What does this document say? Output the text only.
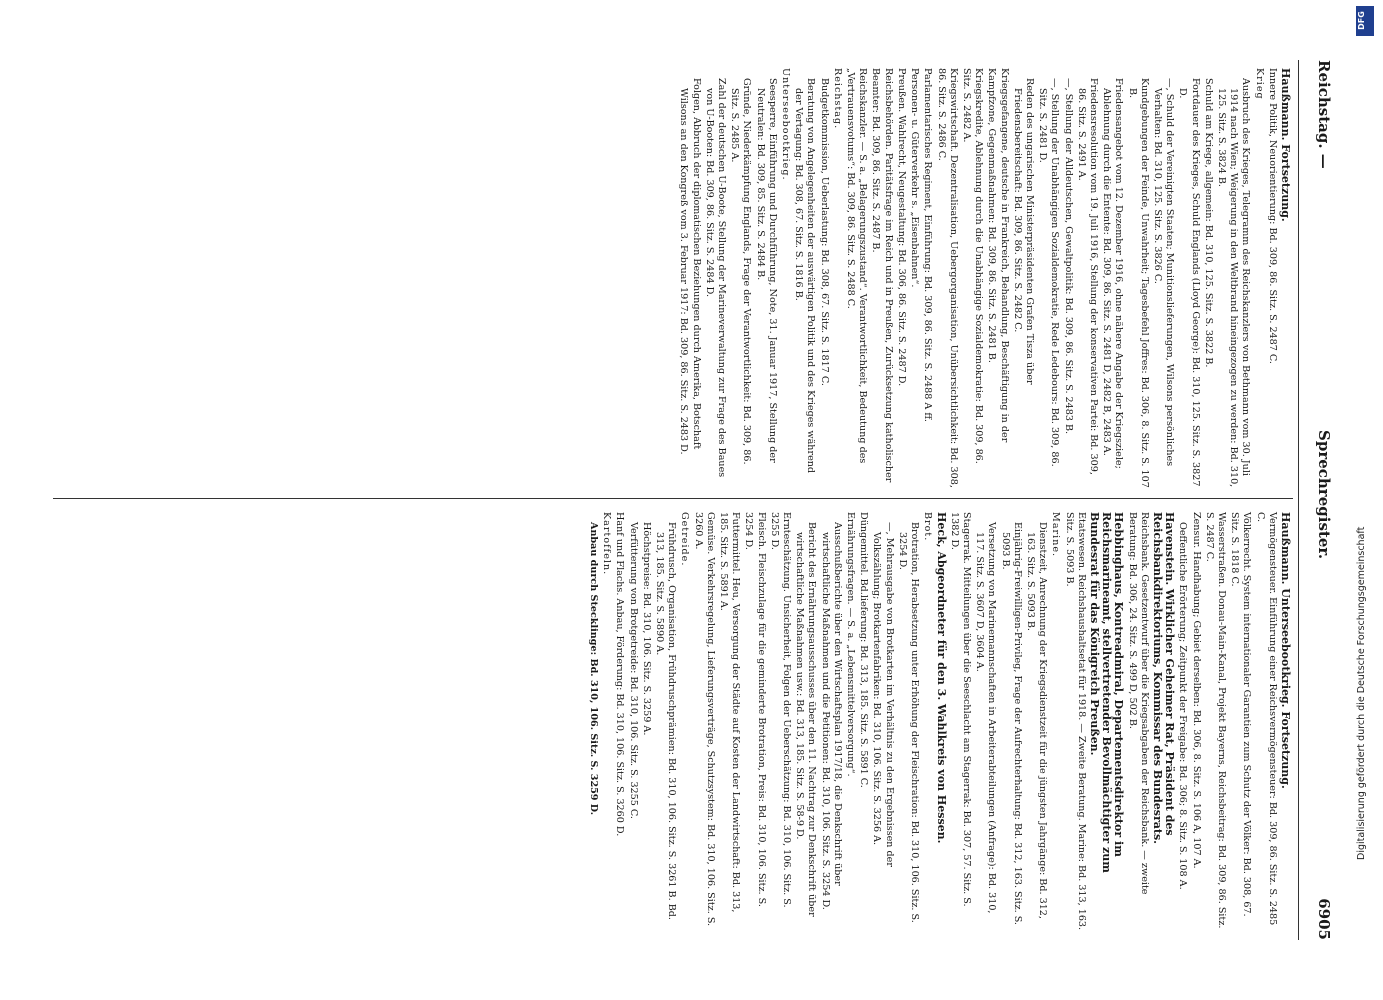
Reichstag. —
Sprechregister.
6905
Haußmann. Fortsetzung.
Innere Politik, Neuorientierung: Bd. 309, 86. Sitz. S. 2487 C.
Krieg
Ausbruch des Krieges, Telegramm des Reichskanzlers von Bethmann vom 30. Juli 1914 nach Wien; Weigerung in den Weltbrand hineingezogen zu werden: Bd. 310, 125. Sitz. S. 3824 B.
Schuld am Kriege, allgemein: Bd. 310, 125. Sitz. S. 3822 B.
Fortdauer des Krieges, Schuld Englands (Lloyd George): Bd. 310, 125. Sitz. S. 3827 D.
—, Schuld der Vereinigten Staaten; Munitionslieferungen, Wilsons persönliches Verhalten: Bd. 310, 125. Sitz. S. 3826 C.
Kundgebungen der Feinde, Unwahrheit; Tagesbefehl Joffres: Bd. 306, 8. Sitz. S. 107 B.
Friedensangebot vom 12. Dezember 1916, ohne nähere Angabe der Kriegsziele; Ablehnung durch die Entente: Bd. 309, 86. Sitz. S. 2481 D, 2482 B, 2483 A.
Friedensresolution vom 19. Juli 1916, Stellung der konservativen Partei: Bd. 309, 86. Sitz. S. 2491 A.
—, Stellung der Alldeutschen, Gewaltpolitik: Bd. 309, 86. Sitz. S. 2483 B.
—, Stellung der Unabhängigen Sozialdemokratie, Rede Ledebours: Bd. 309, 86. Sitz. S. 2481 D.
Reden des ungarischen Ministerpräsidenten Grafen Tisza über Friedensbereitschaft: Bd. 309, 86. Sitz. S. 2482 C.
Kriegsgefangene, deutsche in Frankreich, Behandlung, Beschäftigung in der Kampfzone, Gegenmaßnahmen: Bd. 309, 86. Sitz. S. 2481 B.
Kriegskredite, Ablehnung durch die Unabhängige Sozialdemokratie: Bd. 309, 86. Sitz. S. 2482 A.
Kriegswirtschaft. Dezentralisation, Uebergorganisation, Unübersichtlichkeit: Bd. 308, 86. Sitz. S. 2486 C.
Parlamentarisches Regiment, Einführung: Bd. 309, 86. Sitz. S. 2488 A ff.
Personen- u. Güterverkehr s. „Eisenbahnen“.
Preußen. Wahlrecht, Neugestaltung: Bd. 306, 86. Sitz. S. 2487 D.
Reichsbehörden. Paritätsfrage im Reich und in Preußen, Zurücksetzung katholischer Beamter: Bd. 309, 86. Sitz. S. 2487 B.
Reichskanzler. — S. a. „Belagerungszustand“. Verantwortlichkeit, Bedeutung des „Vertrauensvotums“: Bd. 309, 86. Sitz. S. 2488 C.
Reichstag.
Budgetkommission, Ueberlastung: Bd. 308, 67. Sitz. S. 1817 C.
Beratung von Angelegenheiten der auswärtigen Politik und des Krieges während der Vertagung: Bd. 308, 67. Sitz. S. 1816 B.
Unterseebootkrieg.
Seesperre, Einführung und Durchführung, Note, 31. Januar 1917, Stellung der Neutralen: Bd. 309, 85. Sitz. S. 2484 B.
Gründe, Niederkämpfung Englands, Frage der Verantwortlichkeit: Bd. 309, 86. Sitz. S. 2485 A.
Zahl der deutschen U-Boote, Stellung der Marineverwaltung zur Frage des Baues von U-Booten: Bd. 309, 86. Sitz. S. 2484 D.
Folgen, Abbruch der diplomatischen Beziehungen durch Amerika, Botschaft Wilsons an den Kongreß vom 3. Februar 1917: Bd. 309, 86. Sitz. S. 2483 D.
Haußmann. Unterseebootkrieg. Fortsetzung.
Vermögensteuer. Einführung einer Reichsvermögensteuer: Bd. 309, 86. Sitz. S. 2485 C.
Völkerrecht. System internationaler Garantien zum Schutz der Völker: Bd. 308, 67. Sitz. S. 1818 C.
Wasserstraßen. Donau-Main-Kanal, Projekt Bayerns, Reichsbeitrag: Bd. 309, 86. Sitz. S. 2487 C.
Zensur. Handhabung; Gebiet derselben: Bd. 306, 8. Sitz. S. 106 A, 107 A.
Oeffentliche Erörterung; Zeitpunkt der Freigabe: Bd. 306; 8. Sitz. S. 108 A.
Havenstein. Wirklicher Geheimer Rat, Präsident des Reichsbankdirektoriums, Kommissar des Bundesrats.
Reichsbank. Gesetzentwurf über die Kriegsabgaben der Reichsbank. — zweite Beratung: Bd. 306, 24. Sitz. S. 499 D, 502 B.
Hebbinghaus, Kontreadmiral, Departementsdirektor im Reichsmarineamt, stellvertretender Bevollmächtigter zum Bundesrat für das Königreich Preußen.
Etatswesen. Reichshaushaltsetat für 1918. — Zweite Beratung. Marine: Bd. 313, 163. Sitz. S. 5093 B.
Marine.
Dienstzeit, Anrechnung der Kriegsdienstzeit für die jüngsten Jahrgänge: Bd. 312, 163. Sitz. S. 5093 B.
Einjährig-Freiwilligen-Privileg, Frage der Aufrechterhaltung: Bd. 312, 163. Sitz. S. 5093 B.
Versetzung von Marinemannschaften in Arbeiterabteilungen (Anfrage): Bd. 310, 117. Sitz. S. 3607 D, 3604 A.
Stagerrak. Mitteilungen über die Seeschlacht am Stagerrak: Bd. 307, 57. Sitz. S. 1382 D.
Heck, Abgeordneter für den 3. Wahlkreis von Hessen.
Brot.
Brotration, Herabsetzung unter Erhöhung der Fleischration: Bd. 310, 106. Sitz. S. 3254 D.
—, Mehrausgabe von Brotkarten im Verhältnis zu den Ergebnissen der Volkszählung; Brotkartenfabriken: Bd. 310, 106. Sitz. S. 3256 A.
Düngemittel. Bd.lieferung: Bd. 313, 185. Sitz. S. 5891 C.
Ernährungsfragen. — S. a. „Lebensmittelversorgung“.
Ausschußberichte über den Wirtschaftsplan 1917/18, die Denkschrift über wirtschaftliche Maßnahmen und die Petitionen: Bd. 310, 106. Sitz. S. 3254 D.
Bericht des Ernährungsausschusses über den 11. Nachtrag zur Denkschrift über wirtschaftliche Maßnahmen usw.: Bd. 313, 185. Sitz. S. 58-9 D.
Ernteschätzung. Unsicherheit, Folgen der Ueberschätzung: Bd. 310, 106. Sitz. S. 3255 D.
Fleisch. Fleischzulage für die geminderte Brotration, Preis: Bd. 310, 106. Sitz. S. 3254 D.
Futtermittel. Heu, Versorgung der Städte auf Kosten der Landwirtschaft: Bd. 313, 185. Sitz. S. 5891 A.
Gemüse. Verkehrsregelung, Lieferungsverträge, Schutzsystem: Bd. 310, 106. Sitz. S. 3260 A.
Getreide.
Frühdrusch, Organisation, Frühdruschprämien: Bd. 310, 106. Sitz. S. 3261 B. Bd. 313, 185. Sitz. S. 5890 A.
Höchstpreise: Bd. 310, 106. Sitz. S. 3259 A.
Verfütterung von Brotgetreide: Bd. 310, 106. Sitz. S. 3255 C.
Hanf und Flachs. Anbau, Förderung: Bd. 310, 106. Sitz. S. 3260 D.
Kartoffeln.
Anbau durch Stecklinge: Bd. 310, 106. Sitz. S. 3259 D.
DFG
Digitalisierung gefördert durch die Deutsche Forschungsgemeinschaft
